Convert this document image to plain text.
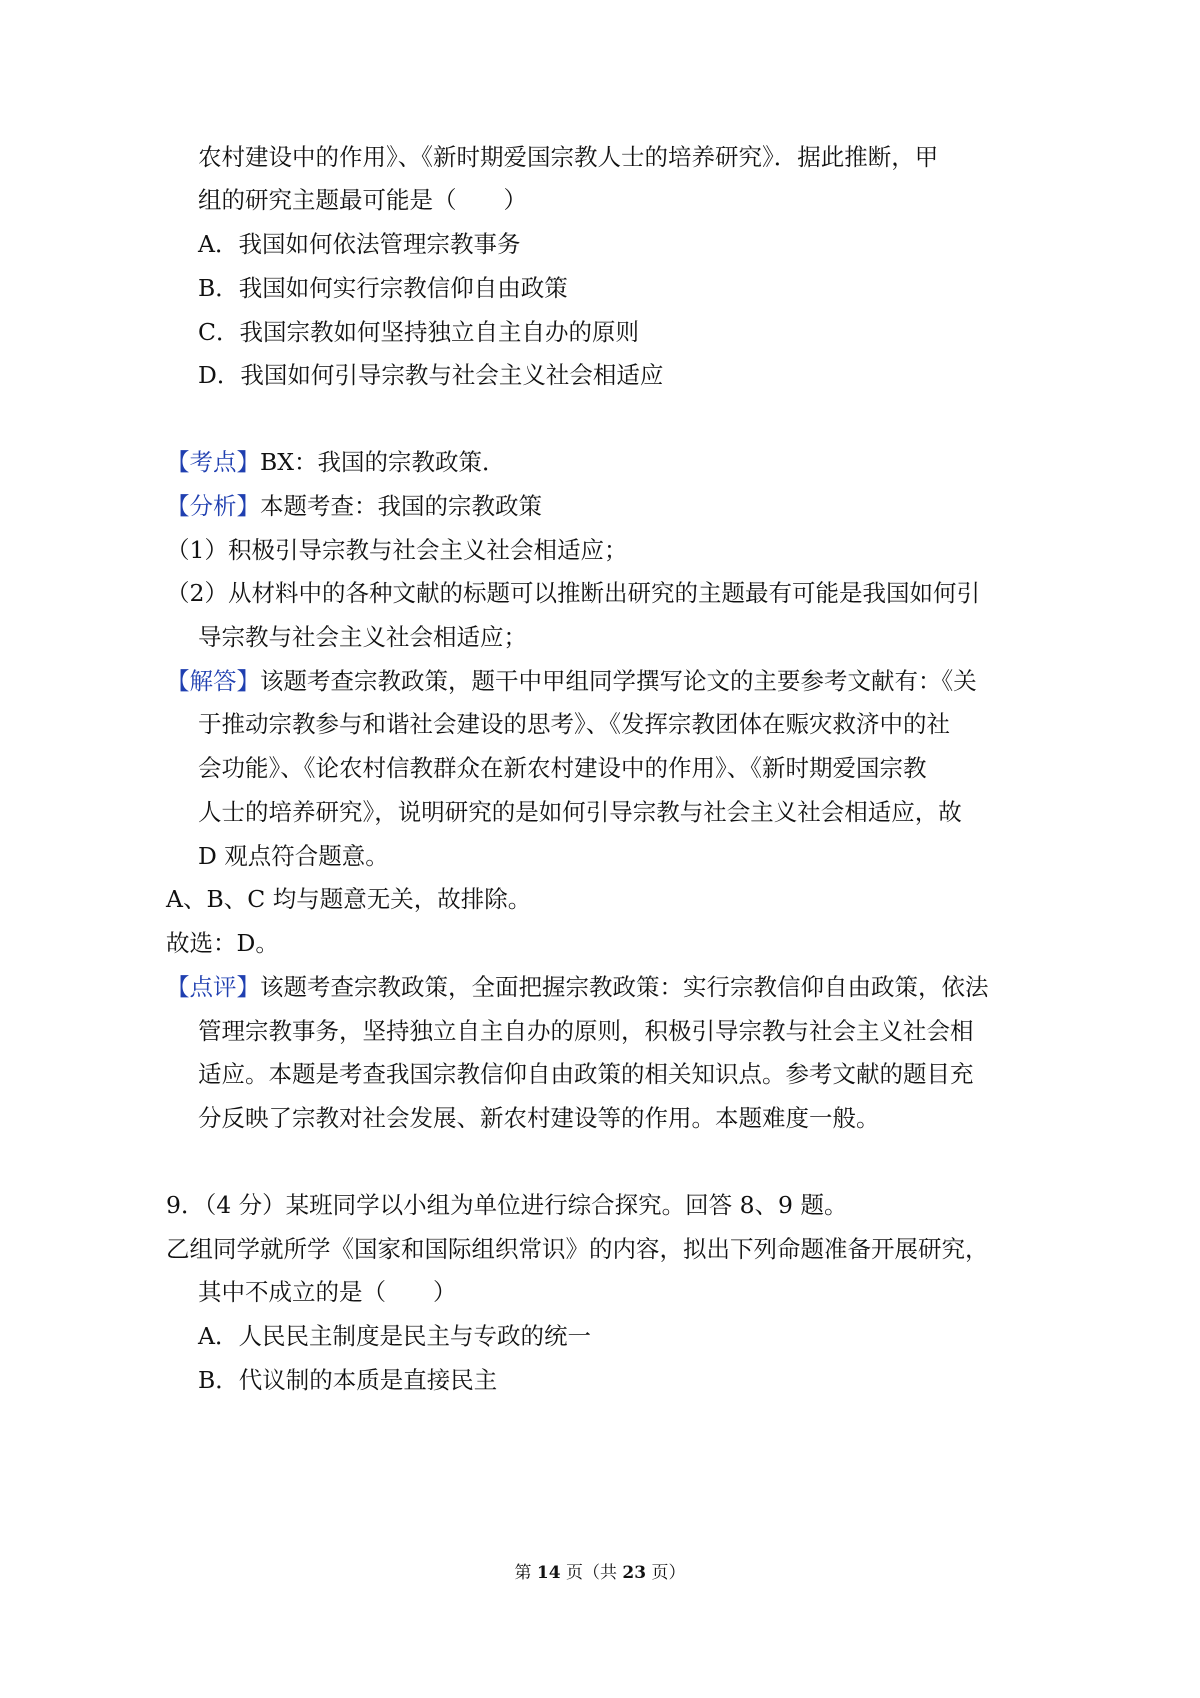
农村建设中的作用》、《新时期爱国宗教人士的培养研究》．据此推断，甲
组的研究主题最可能是（　　）
A．我国如何依法管理宗教事务
B．我国如何实行宗教信仰自由政策
C．我国宗教如何坚持独立自主自办的原则
D．我国如何引导宗教与社会主义社会相适应
【考点】BX：我国的宗教政策．
【分析】本题考查：我国的宗教政策
（1）积极引导宗教与社会主义社会相适应；
（2）从材料中的各种文献的标题可以推断出研究的主题最有可能是我国如何引
导宗教与社会主义社会相适应；
【解答】该题考查宗教政策，题干中甲组同学撰写论文的主要参考文献有：《关
于推动宗教参与和谐社会建设的思考》、《发挥宗教团体在赈灾救济中的社
会功能》、《论农村信教群众在新农村建设中的作用》、《新时期爱国宗教
人士的培养研究》，说明研究的是如何引导宗教与社会主义社会相适应，故
D 观点符合题意。
A、B、C 均与题意无关，故排除。
故选：D。
【点评】该题考查宗教政策，全面把握宗教政策：实行宗教信仰自由政策，依法
管理宗教事务，坚持独立自主自办的原则，积极引导宗教与社会主义社会相
适应。本题是考查我国宗教信仰自由政策的相关知识点。参考文献的题目充
分反映了宗教对社会发展、新农村建设等的作用。本题难度一般。
9．（4 分）某班同学以小组为单位进行综合探究。回答 8、9 题。
乙组同学就所学《国家和国际组织常识》的内容，拟出下列命题准备开展研究，
其中不成立的是（　　）
A．人民民主制度是民主与专政的统一
B．代议制的本质是直接民主
第 14 页（共 23 页）
